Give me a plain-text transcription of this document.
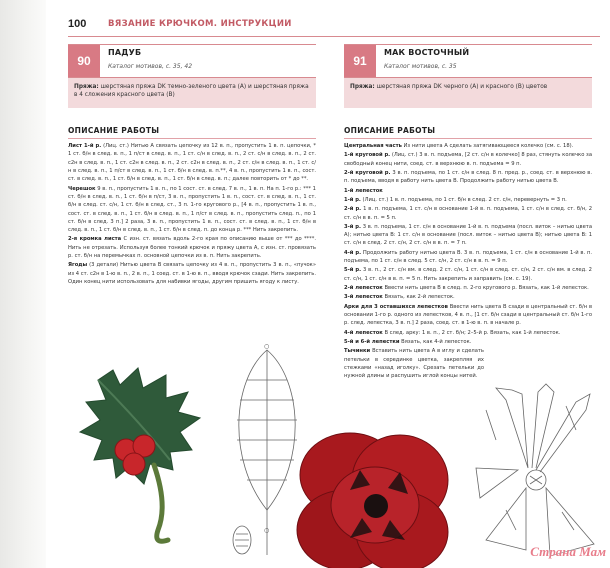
100	ВЯЗАНИЕ КРЮЧКОМ. ИНСТРУКЦИИ
90
ПАДУБ
Каталог мотивов, с. 35, 42
Пряжа: шерстяная пряжа DK темно-зеленого цвета (A) и шерстяная пряжа в 4 сложения красного цвета (B)
ОПИСАНИЕ РАБОТЫ

Лист 1-й р. (Лиц. ст.) Нитью A связать цепочку из 12 в. п., пропустить 1 в. п. цепочки, * 1 ст. б/н в след. в. п., 1 п/ст в след. в. п., 1 ст. с/н в след. в. п., 2 ст. с/н в след. в. п., 2 ст. с2н в след. в. п., 1 ст. с2н в след. в. п., 2 ст. с2н в след. в. п., 2 ст. с/н в след. в. п., 1 ст. с/н в след. в. п., 1 п/ст в след. в. п., 1 ст. б/н в след. в. п.**, 4 в. п., пропустить 1 в. п., сост. ст. в след. в. п., 1 ст. б/н в след. в. п., 1 ст. б/н в след. в. п.; далее повторить от * до **.

Черешок 9 в. п., пропустить 1 в. п., по 1 сост. ст. в след. 7 в. п., 1 в. п. На п. 1-го р.: *** 1 ст. б/н в след. в. п., 1 ст. б/н в п/ст, 3 в. п., пропустить 1 в. п., сост. ст. в след. в. п., 1 ст. б/н в след. ст. с/н, 1 ст. б/н в след. ст., 3 п. 1-го кругового р., [4 в. п., пропустить 1 в. п., сост. ст. в след. в. п., 1 ст. б/н в след. в. п., 1 п/ст в след. в. п., пропустить след. п., по 1 ст. б/н в след. 3 п.] 2 раза, 3 в. п., пропустить 1 в. п., сост. ст. в след. в. п., 1 ст. б/н в след. в. п., 1 ст. б/н в след. в. п., 1 ст. б/н в след. п. до конца р. *** Нить закрепить.

2-я кромка листа С изн. ст. вязать вдоль 2-го края по описанию выше от *** до ****. Нить не отрезать. Используя более тонкий крючок и пряжу цвета A, с изн. ст. провязать р. ст. б/н на перемычках п. основной цепочки из в. п. Нить закрепить.

Ягоды (3 детали) Нитью цвета B связать цепочку из 4 в. п., пропустить 3 в. п., «пучок» из 4 ст. с2н в 1-ю в. п., 2 в. п., 1 соед. ст. в 1-ю в. п., вводя крючок сзади. Нить закрепить. Один конец нити использовать для набивки ягоды, другим пришить ягоду к листу.

○
○
91
МАК ВОСТОЧНЫЙ
Каталог мотивов, с. 35
Пряжа: шерстяная пряжа DK черного (A) и красного (B) цветов
ОПИСАНИЕ РАБОТЫ

Центральная часть Из нити цвета A сделать затягивающееся колечко (см. с. 18).

1-й круговой р. (Лиц. ст.) 3 в. п. подъема, [2 ст. с/н в колечко] 8 раз, стянуть колечко за свободный конец нити, соед. ст. в верхнюю в. п. подъема = 9 п.

2-й круговой р. 3 в. п. подъема, по 1 ст. с/н в след. 8 п. пред. р., соед. ст. в верхнюю в. п. подъема, вводя в работу нить цвета B. Продолжить работу нитью цвета B.

1-й лепесток

1-й р. (Лиц. ст.) 1 в. п. подъема, по 1 ст. б/н в след. 2 ст. с/н, перевернуть = 3 п.

2-й р. 1 в. п. подъема, 1 ст. с/н в основание 1-й в. п. подъема, 1 ст. с/н в след. ст. б/н, 2 ст. с/н в в. п. = 5 п.

3-й р. 3 в. п. подъема, 1 ст. с/н в основание 1-й в. п. подъема (посл. виток – нитью цвета A); нитью цвета B: 1 ст. с/н в основание (посл. виток – нитью цвета B); нитью цвета B: 1 ст. с/н в след. 2 ст. с/н, 2 ст. с/н в в. п. = 7 п.

4-й р. Продолжить работу нитью цвета B. 3 в. п. подъема, 1 ст. с/н в основание 1-й в. п. подъема, по 1 ст. с/н в след. 5 ст. с/н, 2 ст. с/н в в. п. = 9 п.

5-й р. 3 в. п., 2 ст. с/н вм. в след. 2 ст. с/н, 1 ст. с/н в след. ст. с/н, 2 ст. с/н вм. в след. 2 ст. с/н, 1 ст. с/н в в. п. = 5 п. Нить закрепить и заправить (см. с. 19).

2-й лепесток Ввести нить цвета B в след. п. 2-го кругового р. Вязать, как 1-й лепесток.

3-й лепесток Вязать, как 2-й лепесток.

Арки для 3 оставшихся лепестков Ввести нить цвета B сзади в центральный ст. б/н в основании 1-го р. одного из лепестков, 4 в. п., [1 ст. б/н сзади в центральный ст. б/н 1-го р. след. лепестка, 3 в. п.] 2 раза, соед. ст. в 1-ю в. п. в начале р.

4-й лепесток В след. арку: 1 в. п., 2 ст. б/н; 2–5-й р. Вязать, как 1-й лепесток.

5-й и 6-й лепестки Вязать, как 4-й лепесток.

Тычинки Вставить нить цвета A в иглу и сделать петельки в серединке цветка, закрепляя их стежками «назад иголку». Срезать петельки до нужной длины и распушить иглой концы нитей.

Страна Мам
